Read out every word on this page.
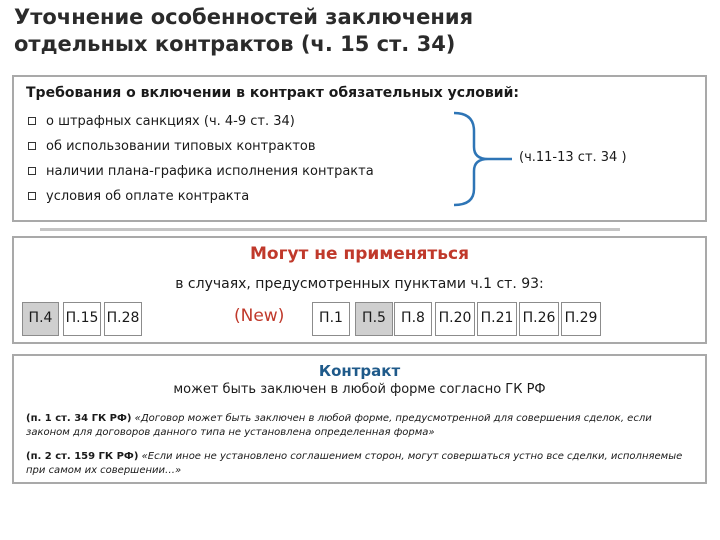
Уточнение особенностей заключения
отдельных контрактов (ч. 15 ст. 34)
Требования о включении в контракт обязательных условий:
о штрафных санкциях (ч. 4-9 ст. 34)
об использовании типовых контрактов
наличии плана-графика исполнения контракта
условия об оплате контракта
(ч.11-13 ст. 34 )
Могут не применяться
в случаях, предусмотренных пунктами ч.1 ст. 93:
П.4 П.15 П.28	(New)	П.1	П.5	П.8 П.20 П.21 П.26 П.29
Контракт
может быть заключен в любой форме согласно ГК РФ
(п. 1 ст. 34 ГК РФ) «Договор может быть заключен в любой форме, предусмотренной для совершения сделок, если законом для договоров данного типа не установлена определенная форма»
(п. 2 ст. 159 ГК РФ) «Если иное не установлено соглашением сторон, могут совершаться устно все сделки, исполняемые при самом их совершении…»
